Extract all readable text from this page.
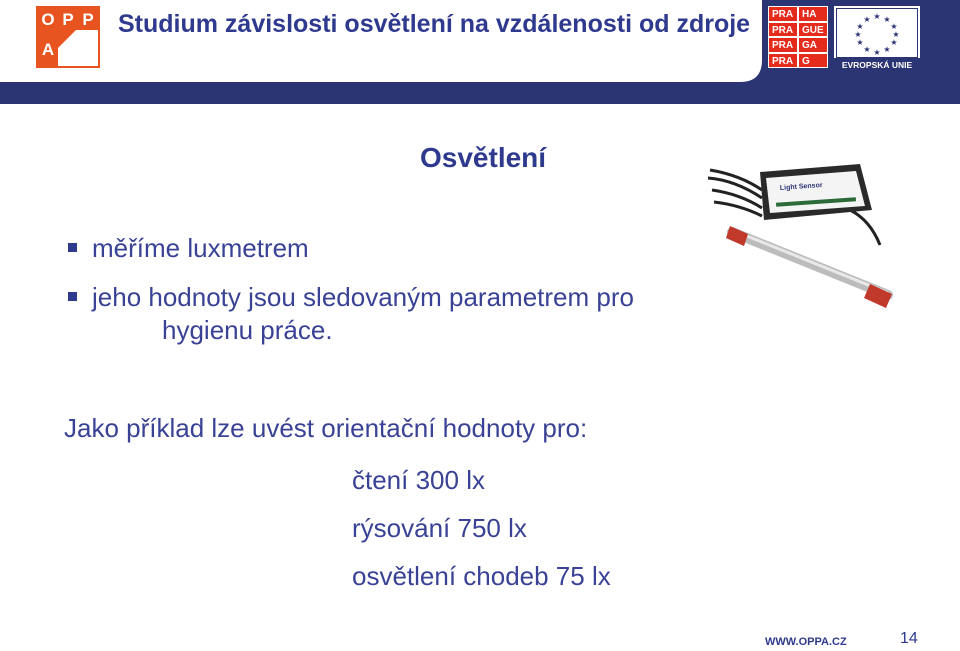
O P P
A
Studium závislosti osvětlení na vzdálenosti od zdroje	PRA HA
PRA GUE
PRA GA
PRA G
★ ★
★
★
★
★
★
★
★
★
★
★
EVROPSKÁ UNIE
Osvětlení
měříme luxmetrem
jeho hodnoty jsou sledovaným parametrem pro
hygienu práce.
Light Sensor
Jako příklad lze uvést orientační hodnoty pro:
čtení 300 lx
rýsování 750 lx
osvětlení chodeb 75 lx
WWW.OPPA.CZ	14
